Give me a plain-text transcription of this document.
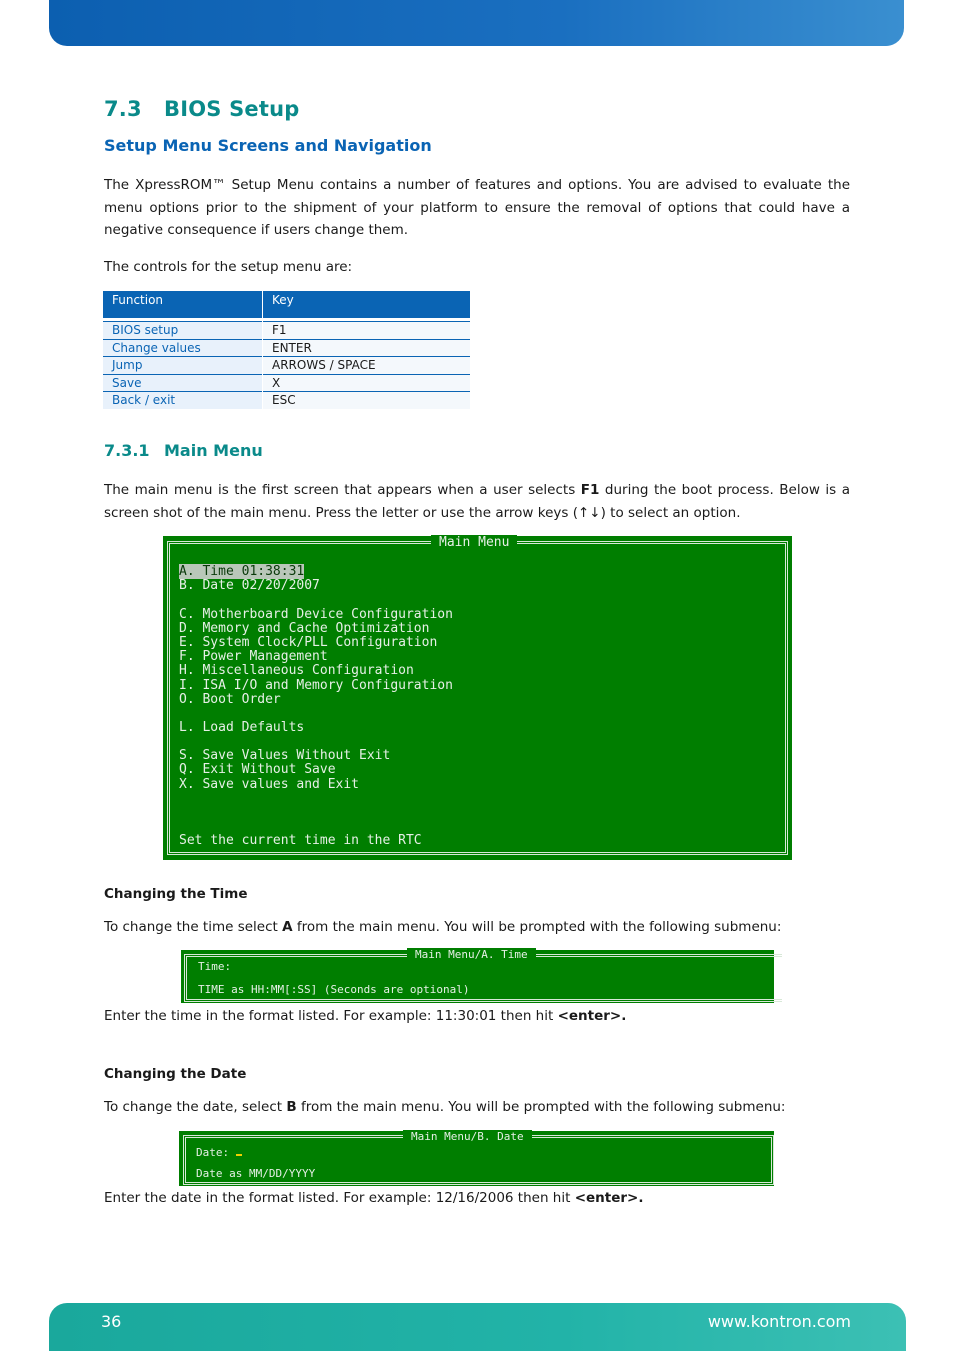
7.3 BIOS Setup
Setup Menu Screens and Navigation
The XpressROM™ Setup Menu contains a number of features and options. You are advised to evaluate the menu options prior to the shipment of your platform to ensure the removal of options that could have a negative consequence if users change them.
The controls for the setup menu are:
Function	Key

BIOS setup	F1
Change values	ENTER
Jump	ARROWS / SPACE
Save	X
Back / exit	ESC
7.3.1 Main Menu
The main menu is the first screen that appears when a user selects F1 during the boot process. Below is a screen shot of the main menu. Press the letter or use the arrow keys (↑↓) to select an option.
Main Menu
A. Time 01:38:31
B. Date 02/20/2007
C. Motherboard Device Configuration
D. Memory and Cache Optimization
E. System Clock/PLL Configuration
F. Power Management
H. Miscellaneous Configuration
I. ISA I/O and Memory Configuration
O. Boot Order
L. Load Defaults
S. Save Values Without Exit
Q. Exit Without Save
X. Save values and Exit
Set the current time in the RTC
Changing the Time
To change the time select A from the main menu. You will be prompted with the following submenu:
Main Menu/A. Time
Time:
TIME as HH:MM[:SS] (Seconds are optional)
Enter the time in the format listed. For example: 11:30:01 then hit <enter>.
Changing the Date
To change the date, select B from the main menu. You will be prompted with the following submenu:
Main Menu/B. Date
Date:
Date as MM/DD/YYYY
Enter the date in the format listed. For example: 12/16/2006 then hit <enter>.
36	www.kontron.com
